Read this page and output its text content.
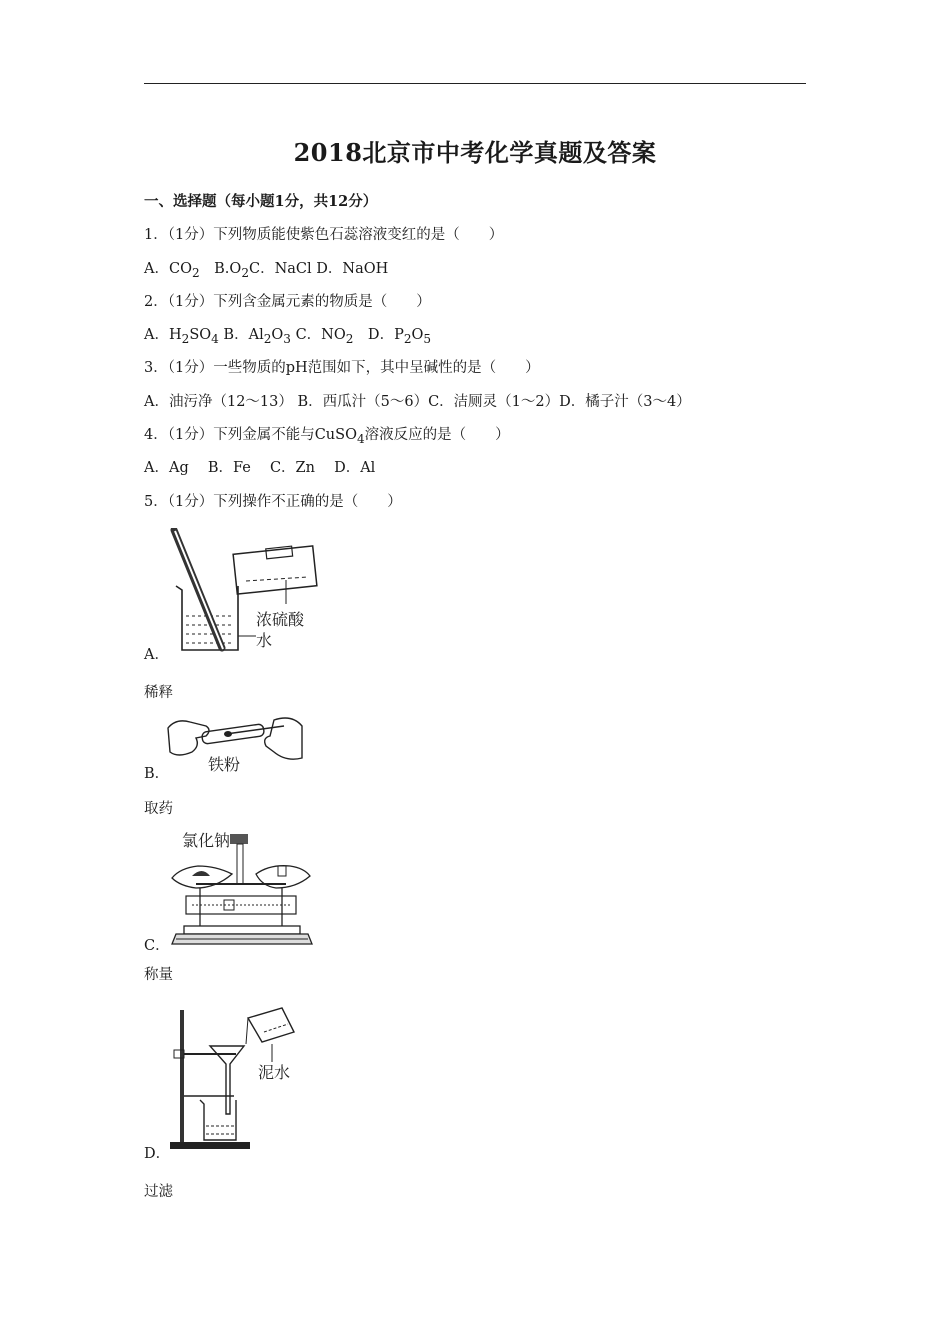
2018北京市中考化学真题及答案
一、选择题（每小题1分，共12分）
1．（1分）下列物质能使紫色石蕊溶液变红的是（　　）
A．$CO_2$　$B.O_2C$．NaCl D．NaOH
2．（1分）下列含金属元素的物质是（　　）
A．$H_2SO_4$ B．$Al_2O_3$ C．$NO_2$　D．$P_2O_5$
3．（1分）一些物质的pH范围如下，其中呈碱性的是（　　）
A．油污净（12～13） B．西瓜汁（5～6）C．洁厕灵（1～2）D．橘子汁（3～4）
4．（1分）下列金属不能与CuSO$_4$溶液反应的是（　　）
A．Ag　 B．Fe　 C．Zn　 D．Al
5．（1分）下列操作不正确的是（　　）
浓硫酸
水
A．
稀释
铁粉
B．
取药
氯化钠
C．
称量
泥水
D．
过滤
